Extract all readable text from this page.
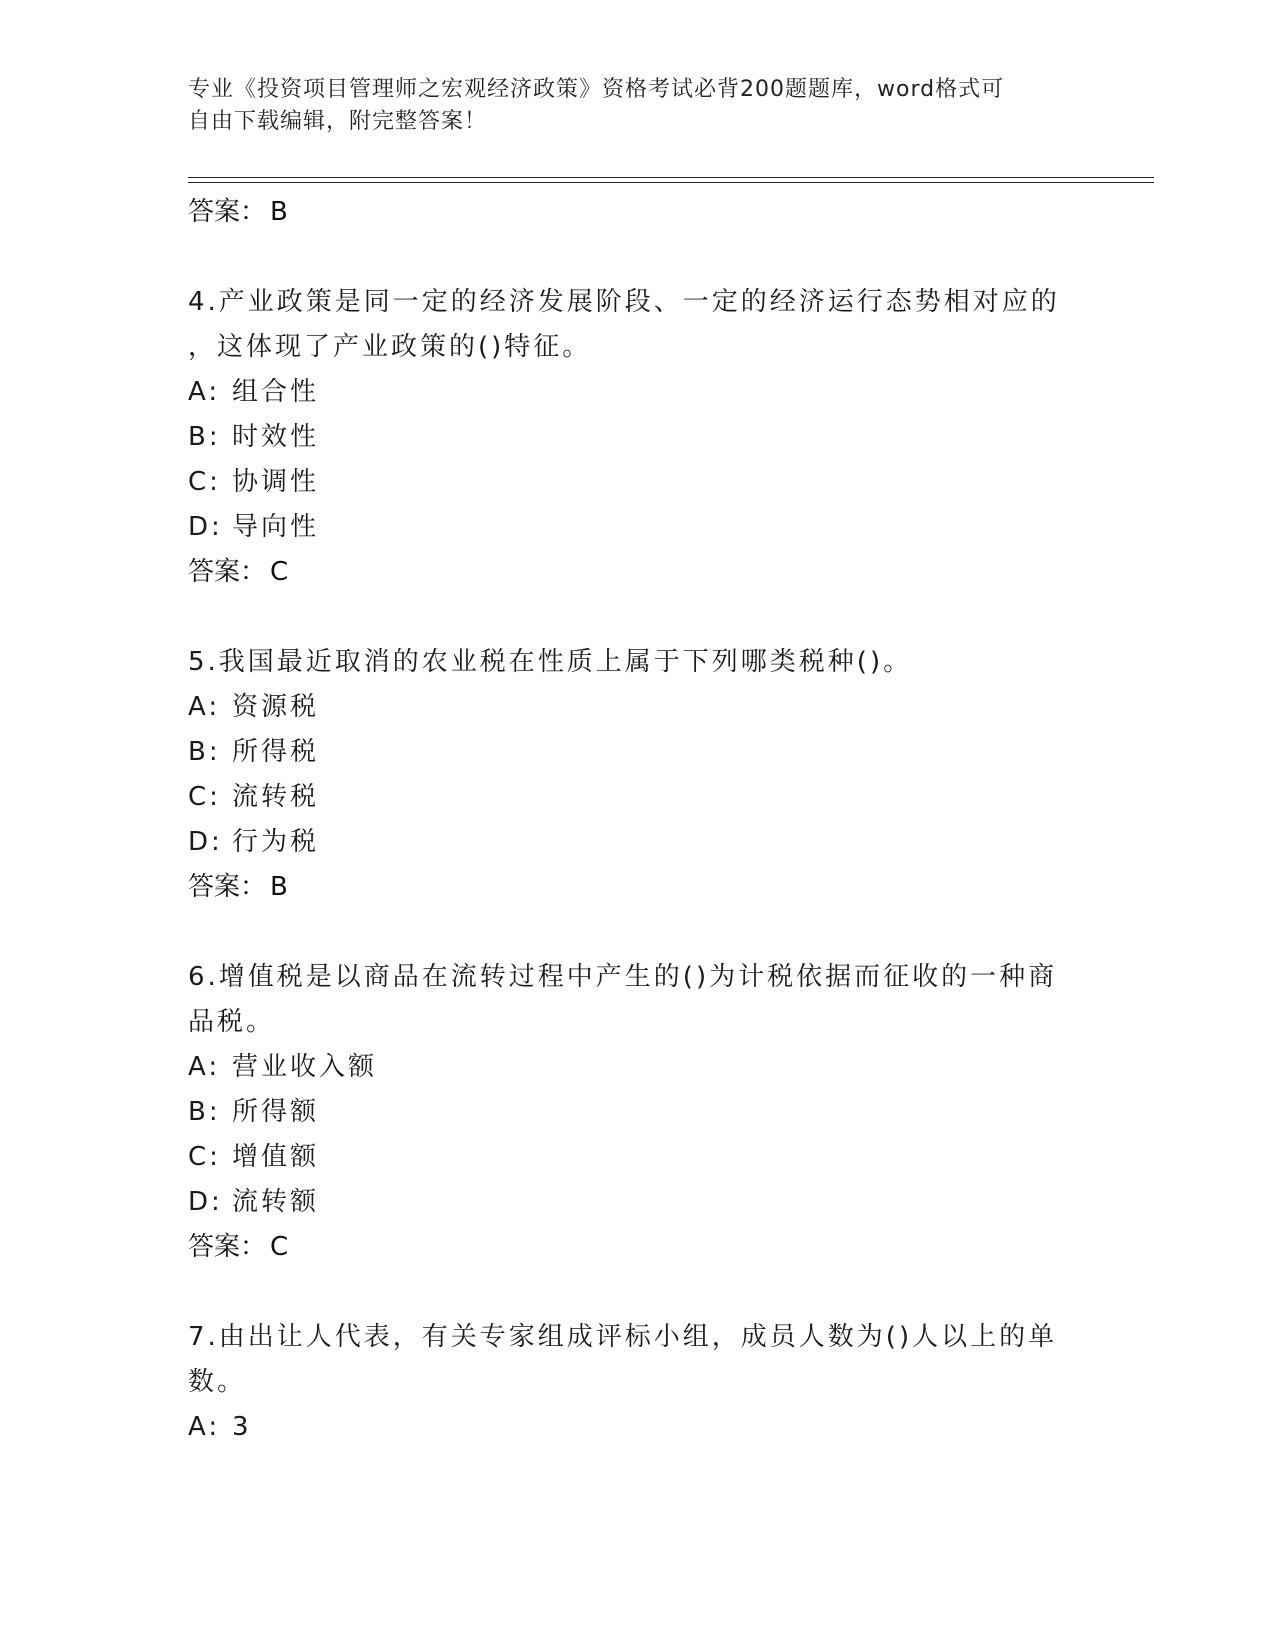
专业《投资项目管理师之宏观经济政策》资格考试必背200题题库，word格式可
自由下载编辑，附完整答案！
答案： B
4.产业政策是同一定的经济发展阶段、一定的经济运行态势相对应的
，这体现了产业政策的()特征。
A: 组合性
B: 时效性
C: 协调性
D: 导向性
答案： C
5.我国最近取消的农业税在性质上属于下列哪类税种()。
A: 资源税
B: 所得税
C: 流转税
D: 行为税
答案： B
6.增值税是以商品在流转过程中产生的()为计税依据而征收的一种商
品税。
A: 营业收入额
B: 所得额
C: 增值额
D: 流转额
答案： C
7.由出让人代表，有关专家组成评标小组，成员人数为()人以上的单
数。
A: 3
